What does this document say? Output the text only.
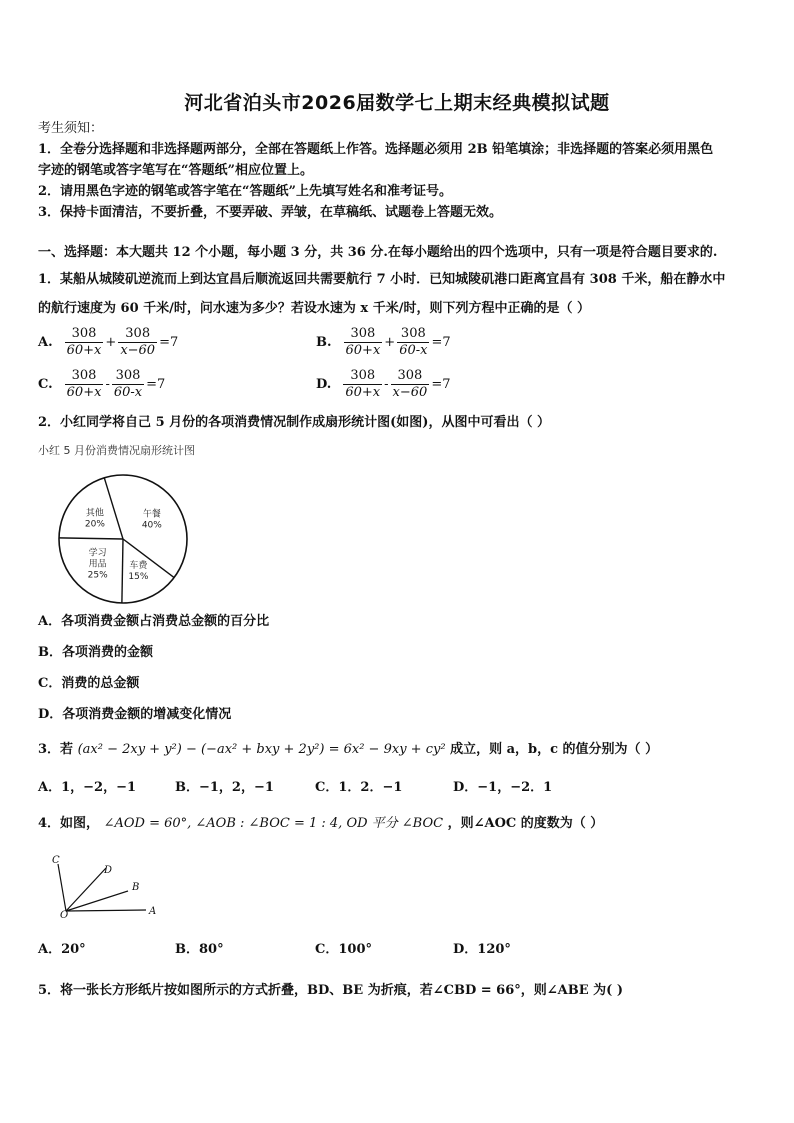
河北省泊头市2026届数学七上期末经典模拟试题
考生须知：
1．全卷分选择题和非选择题两部分，全部在答题纸上作答。选择题必须用 2B 铅笔填涂；非选择题的答案必须用黑色
字迹的钢笔或答字笔写在“答题纸”相应位置上。
2．请用黑色字迹的钢笔或答字笔在“答题纸”上先填写姓名和准考证号。
3．保持卡面清洁，不要折叠，不要弄破、弄皱，在草稿纸、试题卷上答题无效。
一、选择题：本大题共 12 个小题，每小题 3 分，共 36 分.在每小题给出的四个选项中，只有一项是符合题目要求的.
1．某船从城陵矶逆流而上到达宜昌后顺流返回共需要航行 7 小时．已知城陵矶港口距离宜昌有 308 千米，船在静水中
的航行速度为 60 千米/时，问水速为多少？若设水速为 x 千米/时，则下列方程中正确的是（ ）
A. $\frac{308}{60+x} + \frac{308}{x-60} =7$	B. $\frac{308}{60+x} + \frac{308}{60-x} =7$
C. $\frac{308}{60+x} - \frac{308}{60-x} =7$	D. $\frac{308}{60+x} - \frac{308}{x-60} =7$
2．小红同学将自己 5 月份的各项消费情况制作成扇形统计图(如图)，从图中可看出（ ）
小红 5 月份消费情况扇形统计图
午餐
40%
车费
15%
学习
用品
25%
其他
20%
A．各项消费金额占消费总金额的百分比
B．各项消费的金额
C．消费的总金额
D．各项消费金额的增减变化情况
3．若 (ax² − 2xy + y²) − (−ax² + bxy + 2y²) = 6x² − 9xy + cy² 成立，则 a，b，c 的值分别为（ ）
A．1，−2，−1	B．−1，2，−1	C．1．2．−1	D．−1，−2．1
4．如图， ∠AOD = 60°, ∠AOB : ∠BOC = 1 : 4, OD 平分 ∠BOC ，则∠AOC 的度数为（ ）
C
D
B
A
O
A．20°	B．80°	C．100°	D．120°
5．将一张长方形纸片按如图所示的方式折叠，BD、BE 为折痕，若∠CBD = 66°，则∠ABE 为( )
